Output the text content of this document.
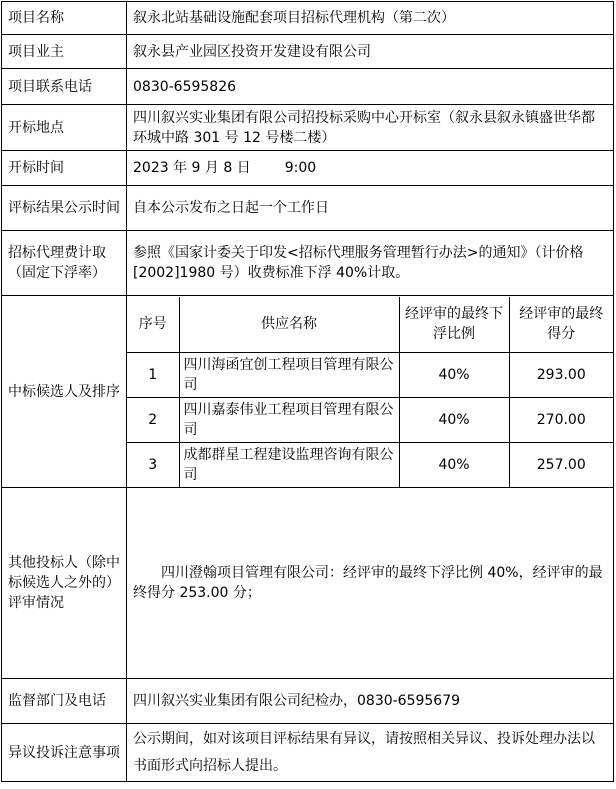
项目名称	叙永北站基础设施配套项目招标代理机构（第二次）
项目业主	叙永县产业园区投资开发建设有限公司
项目联系电话	0830-6595826
开标地点	四川叙兴实业集团有限公司招投标采购中心开标室（叙永县叙永镇盛世华都环城中路 301 号 12 号楼二楼）
开标时间	2023 年 9 月 8 日 9:00
评标结果公示时间	自本公示发布之日起一个工作日
招标代理费计取（固定下浮率）	参照《国家计委关于印发<招标代理服务管理暂行办法>的通知》（计价格[2002]1980 号）收费标准下浮 40%计取。
中标候选人及排序	
序号	供应名称	经评审的最终下浮比例	经评审的最终得分
1	四川海函宜创工程项目管理有限公司	40%	293.00
2	四川嘉泰伟业工程项目管理有限公司	40%	270.00
3	成都群星工程建设监理咨询有限公司	40%	257.00

其他投标人（除中标候选人之外的）评审情况	四川澄翰项目管理有限公司：经评审的最终下浮比例 40%，经评审的最终得分 253.00 分；
监督部门及电话	四川叙兴实业集团有限公司纪检办，0830-6595679
异议投诉注意事项	公示期间，如对该项目评标结果有异议，请按照相关异议、投诉处理办法以书面形式向招标人提出。
